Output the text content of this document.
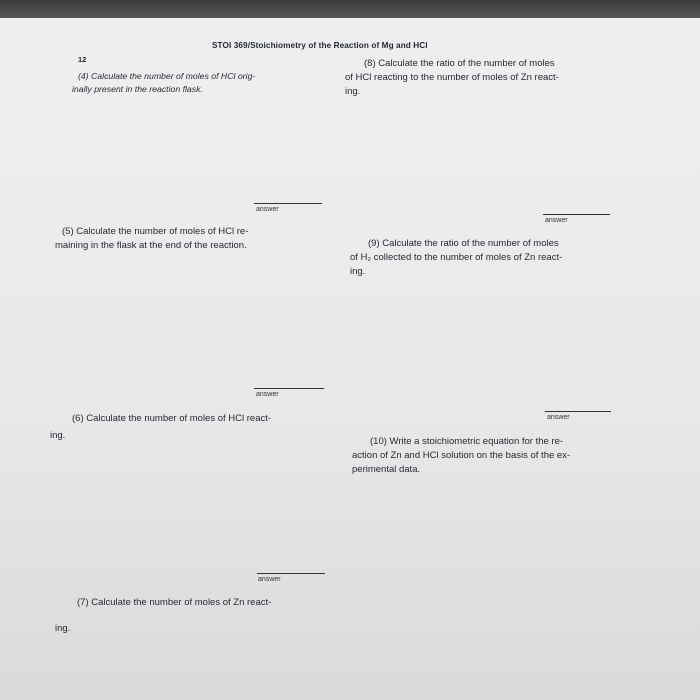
12
STOI 369/Stoichiometry of the Reaction of Mg and HCl
(4) Calculate the number of moles of HCl orig-
inally present in the reaction flask.
answer
(8) Calculate the ratio of the number of moles
of HCl reacting to the number of moles of Zn react-
ing.
answer
(5) Calculate the number of moles of HCl re-
maining in the flask at the end of the reaction.
answer
(9) Calculate the ratio of the number of moles
of H₂ collected to the number of moles of Zn react-
ing.
answer
(6) Calculate the number of moles of HCl react-
ing.
answer
(10) Write a stoichiometric equation for the re-
action of Zn and HCl solution on the basis of the ex-
perimental data.
(7) Calculate the number of moles of Zn react-
ing.
